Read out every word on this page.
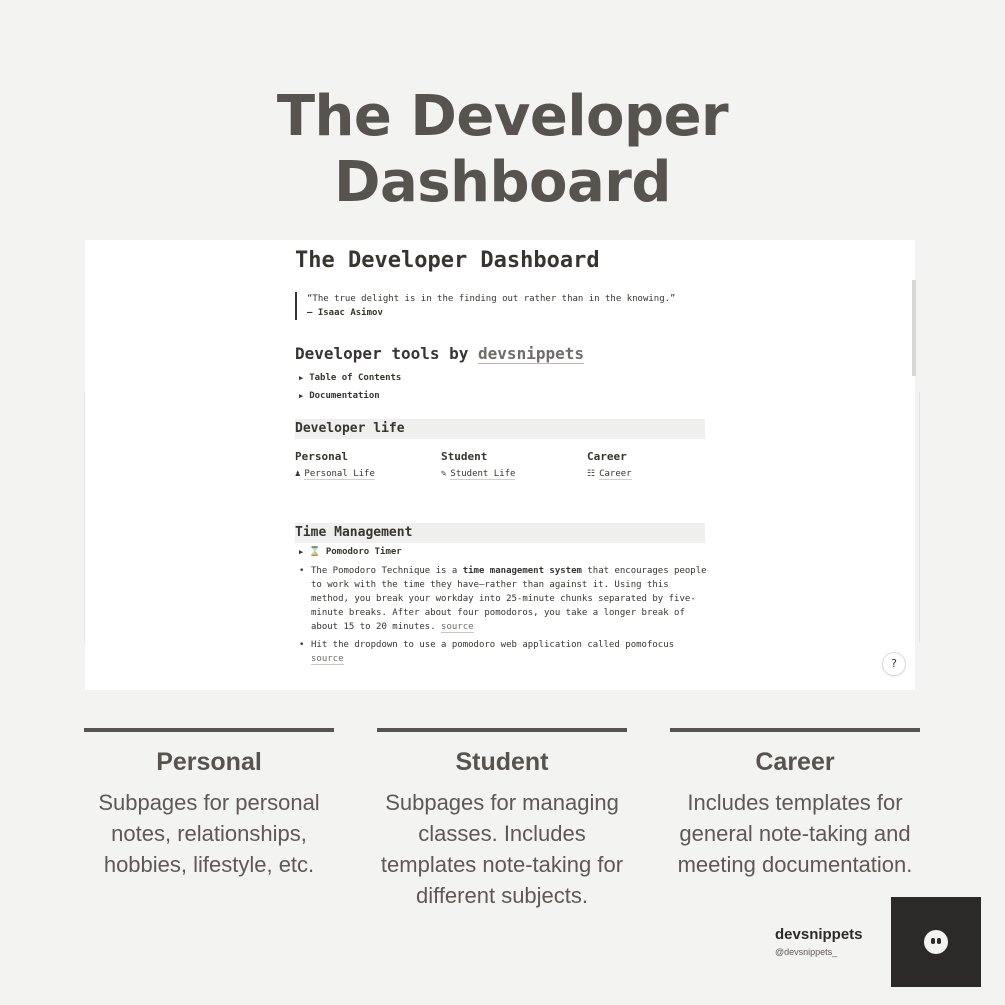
The Developer
Dashboard
The Developer Dashboard
“The true delight is in the finding out rather than in the knowing.”
— Isaac Asimov
Developer tools by devsnippets
▶ Table of Contents
▶ Documentation
Developer life
Personal
♟ Personal Life
Student
✎ Student Life
Career
☷ Career
Time Management
▶ ⌛ Pomodoro Timer
• The Pomodoro Technique is a time management system that encourages people to work with the time they have—rather than against it. Using this method, you break your workday into 25-minute chunks separated by five-minute breaks. After about four pomodoros, you take a longer break of about 15 to 20 minutes. source
• Hit the dropdown to use a pomodoro web application called pomofocus source	?
Personal
Subpages for personal notes, relationships, hobbies, lifestyle, etc.
Student
Subpages for managing classes. Includes templates note-taking for different subjects.
Career
Includes templates for general note-taking and meeting documentation.
devsnippets
@devsnippets_
